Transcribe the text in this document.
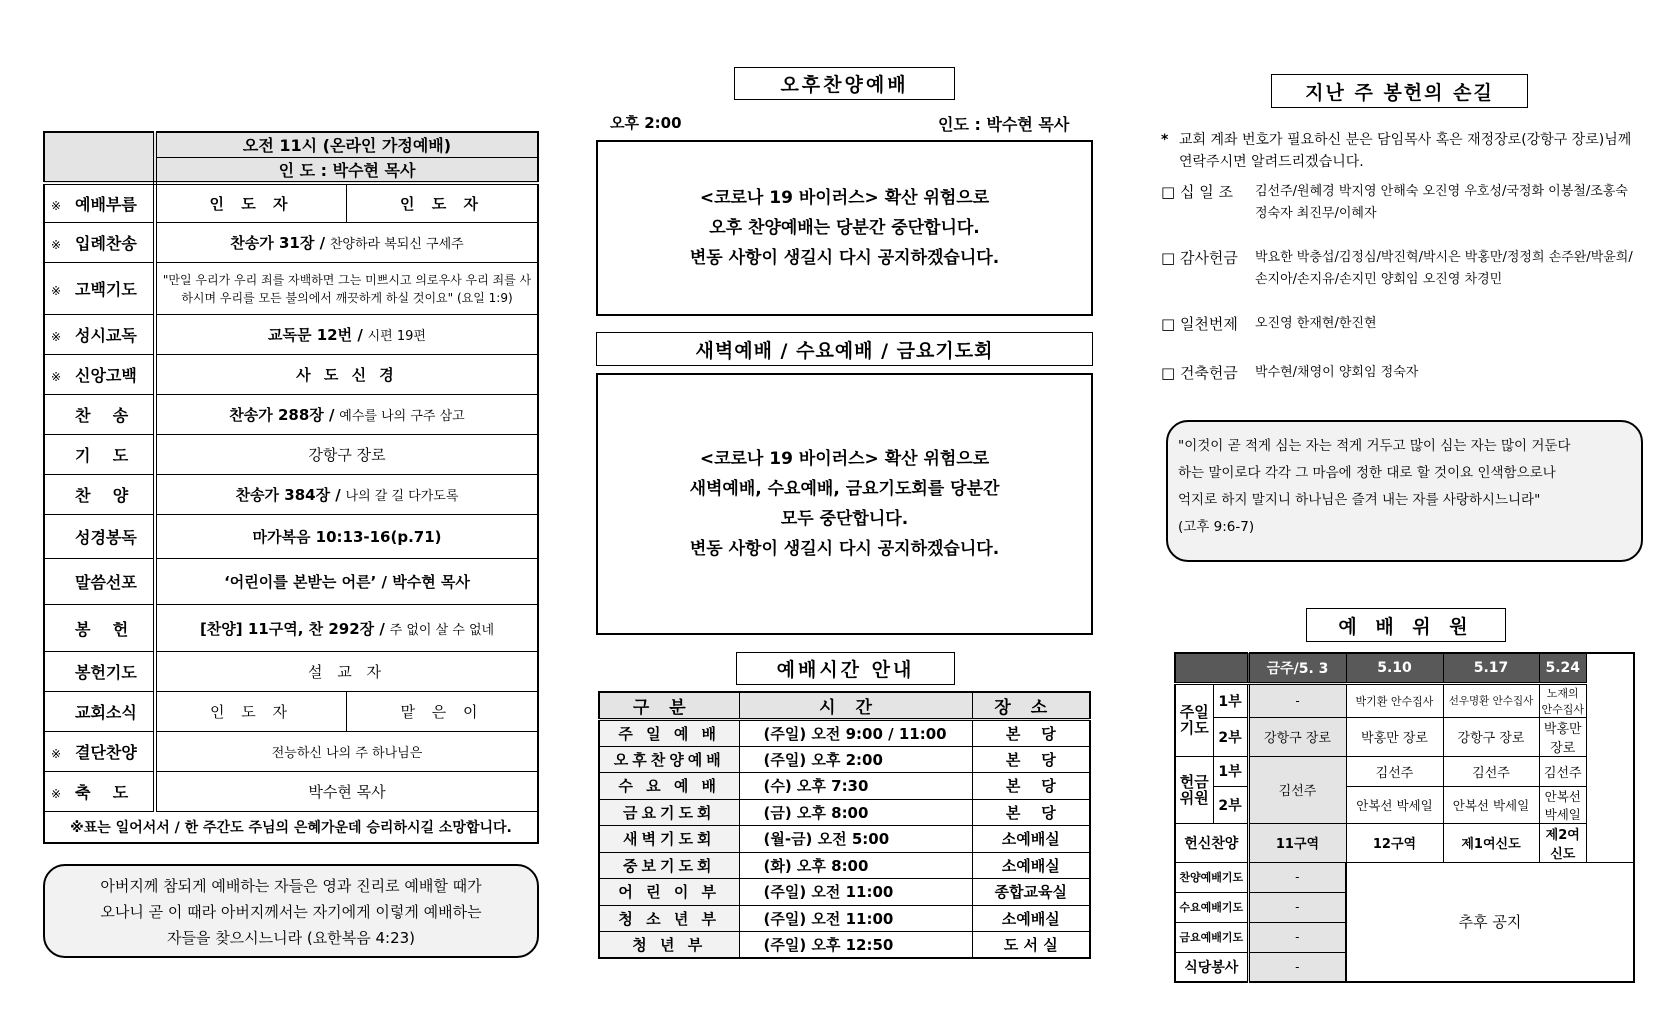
	오전 11시 (온라인 가정예배)	
	인 도 : 박수현 목사	
※ 예배부름	인 도 자	인 도 자
※ 입례찬송	찬송가 31장 / 찬양하라 복되신 구세주	
※ 고백기도	"만일 우리가 우리 죄를 자백하면 그는 미쁘시고 의로우사 우리 죄를 사하시며 우리를 모든 불의에서 깨끗하게 하실 것이요" (요일 1:9)	
※ 성시교독	교독문 12번 / 시편 19편	
※ 신앙고백	사 도 신 경	
찬    송	찬송가 288장 / 예수를 나의 구주 삼고	
기    도	강항구 장로	
찬    양	찬송가 384장 / 나의 갈 길 다가도록	
성경봉독	마가복음 10:13-16(p.71)	
말씀선포	‘어린이를 본받는 어른’ / 박수현 목사	
봉    헌	[찬양] 11구역, 찬 292장 / 주 없이 살 수 없네	
봉헌기도	설 교 자	
교회소식	인 도 자	맡 은 이
※ 결단찬양	전능하신 나의 주 하나님은	
※ 축    도	박수현 목사	
※표는 일어서서 / 한 주간도 주님의 은혜가운데 승리하시길 소망합니다.		
아버지께 참되게 예배하는 자들은 영과 진리로 예배할 때가
오나니 곧 이 때라 아버지께서는 자기에게 이렇게 예배하는
자들을 찾으시느니라 (요한복음 4:23)
오후찬양예배
오후 2:00	인도 : 박수현 목사
<코로나 19 바이러스> 확산 위험으로
오후 찬양예배는 당분간 중단합니다.
변동 사항이 생길시 다시 공지하겠습니다.
새벽예배 / 수요예배 / 금요기도회
<코로나 19 바이러스> 확산 위험으로
새벽예배, 수요예배, 금요기도회를 당분간
모두 중단합니다.
변동 사항이 생길시 다시 공지하겠습니다.
예배시간 안내
구분	시간	장소
주 일 예 배	(주일) 오전 9:00 / 11:00	본    당
오후찬양예배	(주일) 오후 2:00	본    당
수 요 예 배	(수) 오후 7:30	본    당
금요기도회	(금) 오후 8:00	본    당
새벽기도회	(월-금) 오전 5:00	소예배실
중보기도회	(화) 오후 8:00	소예배실
어 린 이 부	(주일) 오전 11:00	종합교육실
청 소 년 부	(주일) 오전 11:00	소예배실
청 년 부	(주일) 오후 12:50	도 서 실
지난 주 봉헌의 손길
* 교회 계좌 번호가 필요하신 분은 담임목사 혹은 재정장로(강항구 장로)님께
연락주시면 알려드리겠습니다.
□ 십 일 조	김선주/원혜경 박지영 안해숙 오진영 우호성/국정화 이봉철/조홍숙
정숙자 최진무/이혜자
□ 감사헌금	박요한 박충섭/김정심/박진혁/박시은 박홍만/정정희 손주완/박윤희/
손지아/손지유/손지민 양회임 오진영 차경민
□ 일천번제	오진영 한재현/한진현
□ 건축헌금	박수현/채영이 양회임 정숙자
"이것이 곧 적게 심는 자는 적게 거두고 많이 심는 자는 많이 거둔다
하는 말이로다 각각 그 마음에 정한 대로 할 것이요 인색함으로나
억지로 하지 말지니 하나님은 즐겨 내는 자를 사랑하시느니라"
(고후 9:6-7)
예 배 위 원
		금주/5. 3	5.10	5.17	5.24
주일기도	1부	-	박기환 안수집사	선우명환 안수집사	노재의 안수집사
	2부	강항구 장로	박홍만 장로	강항구 장로	박홍만 장로
헌금위원	1부	김선주	김선주	김선주	김선주
	2부		안복선 박세일	안복선 박세일	안복선 박세일
헌신찬양		11구역	12구역	제1여신도	제2여신도
찬양예배기도		-	추후 공지		
수요예배기도		-			
금요예배기도		-			
식당봉사		-			
